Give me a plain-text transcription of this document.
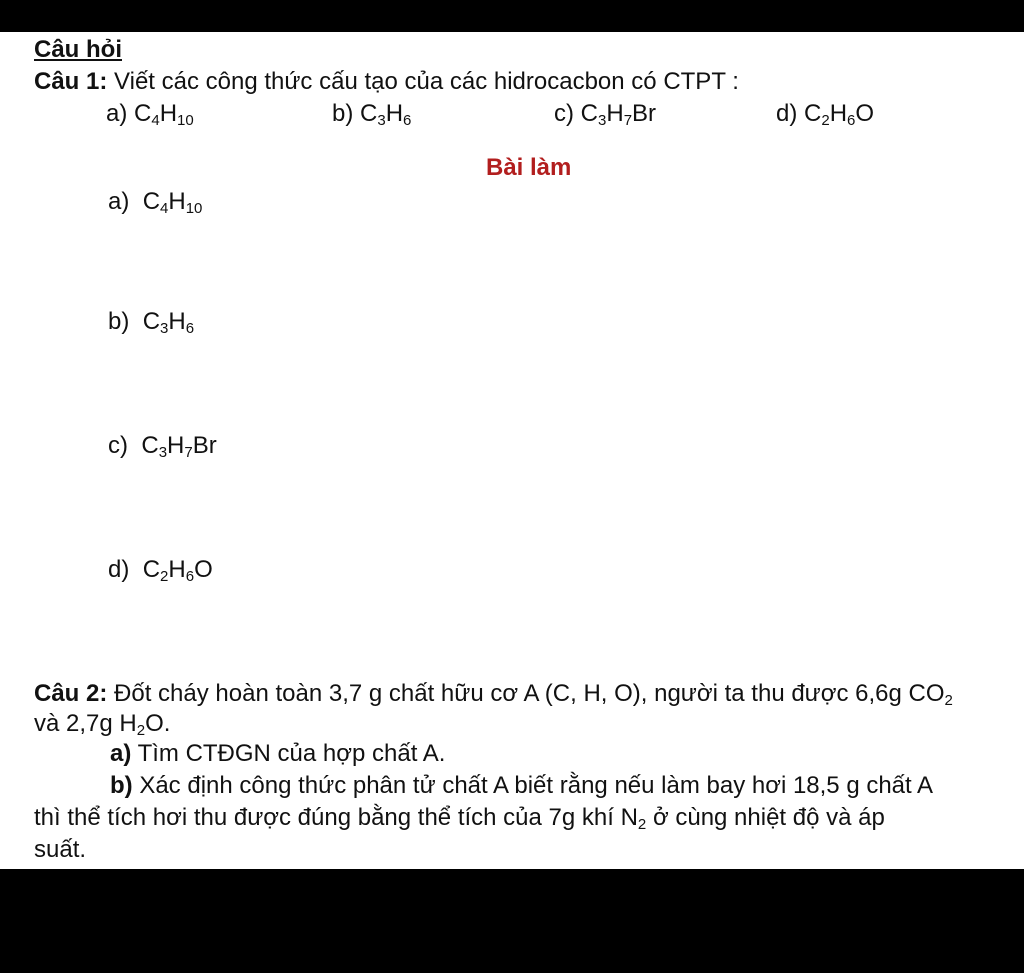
Câu hỏi
Câu 1: Viết các công thức cấu tạo của các hidrocacbon có CTPT :
a) $C_4H_{10}$	b) $C_3H_6$	c) $C_3H_7Br$	d) $C_2H_6O$
Bài làm
a) $C_4H_{10}$
b) $C_3H_6$
c) $C_3H_7Br$
d) $C_2H_6O$
Câu 2: Đốt cháy hoàn toàn 3,7 g chất hữu cơ A (C, H, O), người ta thu được 6,6g $CO_2$
và 2,7g $H_2O$.
a) Tìm CTĐGN của hợp chất A.
b) Xác định công thức phân tử chất A biết rằng nếu làm bay hơi 18,5 g chất A
thì thể tích hơi thu được đúng bằng thể tích của 7g khí $N_2$ ở cùng nhiệt độ và áp
suất.
